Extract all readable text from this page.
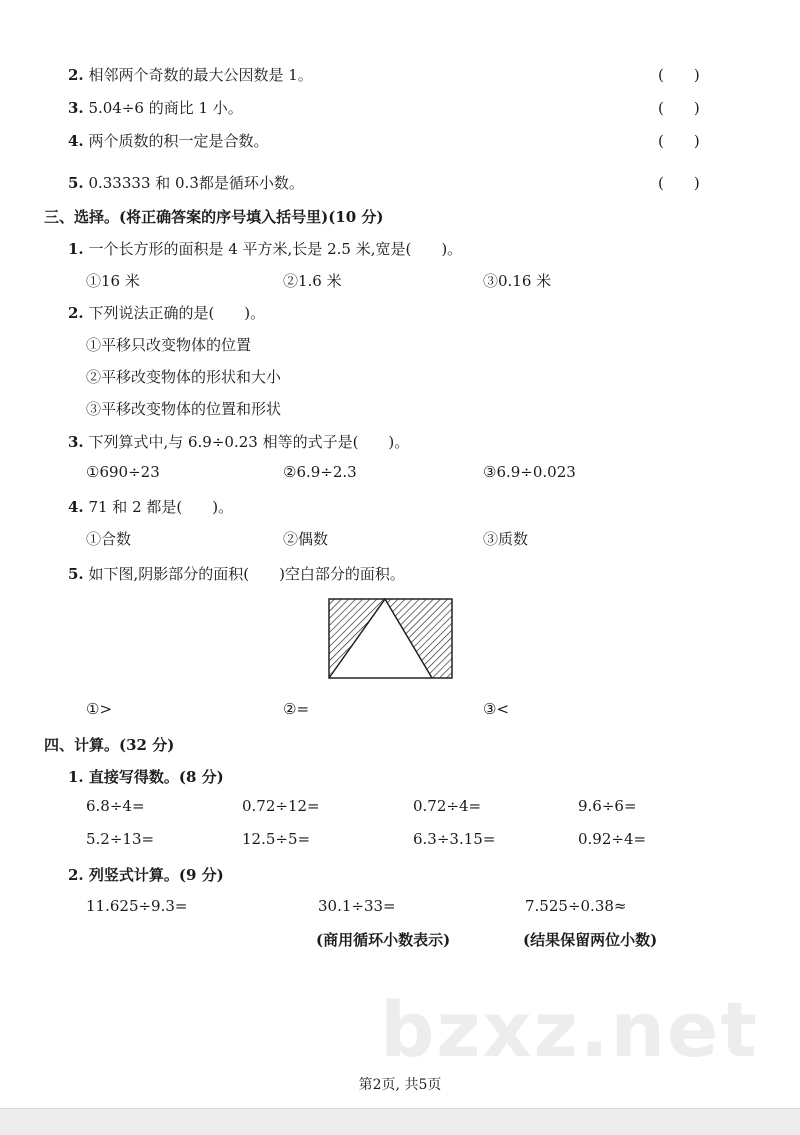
2. 相邻两个奇数的最大公因数是 1。	(　　)
3. 5.04÷6 的商比 1 小。	(　　)
4. 两个质数的积一定是合数。	(　　)
5. 0.33333 和 0.3̇都是循环小数。	(　　)
三、选择。(将正确答案的序号填入括号里)(10 分)
1. 一个长方形的面积是 4 平方米,长是 2.5 米,宽是(　　)。
①16 米	②1.6 米	③0.16 米
2. 下列说法正确的是(　　)。
①平移只改变物体的位置
②平移改变物体的形状和大小
③平移改变物体的位置和形状
3. 下列算式中,与 6.9÷0.23 相等的式子是(　　)。
①690÷23	②6.9÷2.3	③6.9÷0.023
4. 71 和 2 都是(　　)。
①合数	②偶数	③质数
5. 如下图,阴影部分的面积(　　)空白部分的面积。
①>	②=	③<
四、计算。(32 分)
1. 直接写得数。(8 分)
6.8÷4=	0.72÷12=	0.72÷4=	9.6÷6=
5.2÷13=	12.5÷5=	6.3÷3.15=	0.92÷4=
2. 列竖式计算。(9 分)
11.625÷9.3=	30.1÷33=	7.525÷0.38≈
(商用循环小数表示)	(结果保留两位小数)
bzxz.net
第2页, 共5页
